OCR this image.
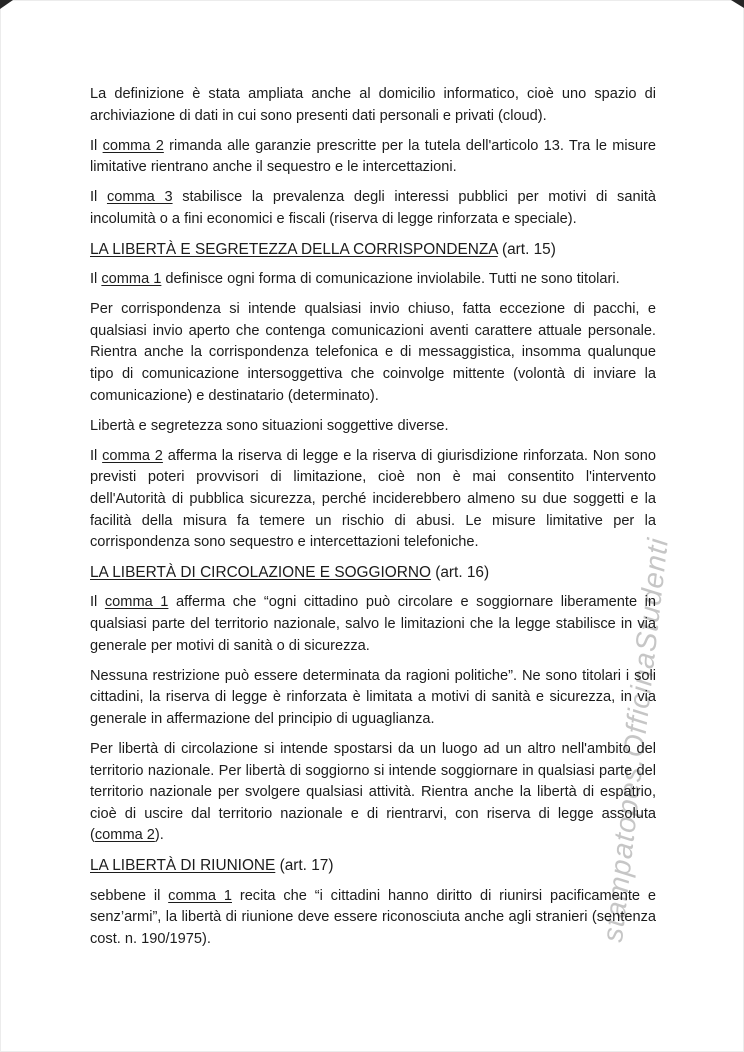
stampatopes.OfficinaStudenti

La definizione è stata ampliata anche al domicilio informatico, cioè uno spazio di archiviazione di dati in cui sono presenti dati personali e privati (cloud).

Il comma 2 rimanda alle garanzie prescritte per la tutela dell'articolo 13. Tra le misure limitative rientrano anche il sequestro e le intercettazioni.

Il comma 3 stabilisce la prevalenza degli interessi pubblici per motivi di sanità incolumità o a fini economici e fiscali (riserva di legge rinforzata e speciale).

LA LIBERTÀ E SEGRETEZZA DELLA CORRISPONDENZA (art. 15)

Il comma 1 definisce ogni forma di comunicazione inviolabile. Tutti ne sono titolari.

Per corrispondenza si intende qualsiasi invio chiuso, fatta eccezione di pacchi, e qualsiasi invio aperto che contenga comunicazioni aventi carattere attuale personale. Rientra anche la corrispondenza telefonica e di messaggistica, insomma qualunque tipo di comunicazione intersoggettiva che coinvolge mittente (volontà di inviare la comunicazione) e destinatario (determinato).

Libertà e segretezza sono situazioni soggettive diverse.

Il comma 2 afferma la riserva di legge e la riserva di giurisdizione rinforzata. Non sono previsti poteri provvisori di limitazione, cioè non è mai consentito l'intervento dell'Autorità di pubblica sicurezza, perché inciderebbero almeno su due soggetti e la facilità della misura fa temere un rischio di abusi. Le misure limitative per la corrispondenza sono sequestro e intercettazioni telefoniche.

LA LIBERTÀ DI CIRCOLAZIONE E SOGGIORNO (art. 16)

Il comma 1 afferma che “ogni cittadino può circolare e soggiornare liberamente in qualsiasi parte del territorio nazionale, salvo le limitazioni che la legge stabilisce in via generale per motivi di sanità o di sicurezza.

Nessuna restrizione può essere determinata da ragioni politiche”. Ne sono titolari i soli cittadini, la riserva di legge è rinforzata è limitata a motivi di sanità e sicurezza, in via generale in affermazione del principio di uguaglianza.

Per libertà di circolazione si intende spostarsi da un luogo ad un altro nell'ambito del territorio nazionale. Per libertà di soggiorno si intende soggiornare in qualsiasi parte del territorio nazionale per svolgere qualsiasi attività. Rientra anche la libertà di espatrio, cioè di uscire dal territorio nazionale e di rientrarvi, con riserva di legge assoluta (comma 2).

LA LIBERTÀ DI RIUNIONE (art. 17)

sebbene il comma 1 recita che “i cittadini hanno diritto di riunirsi pacificamente e senz’armi”, la libertà di riunione deve essere riconosciuta anche agli stranieri (sentenza cost. n. 190/1975).
